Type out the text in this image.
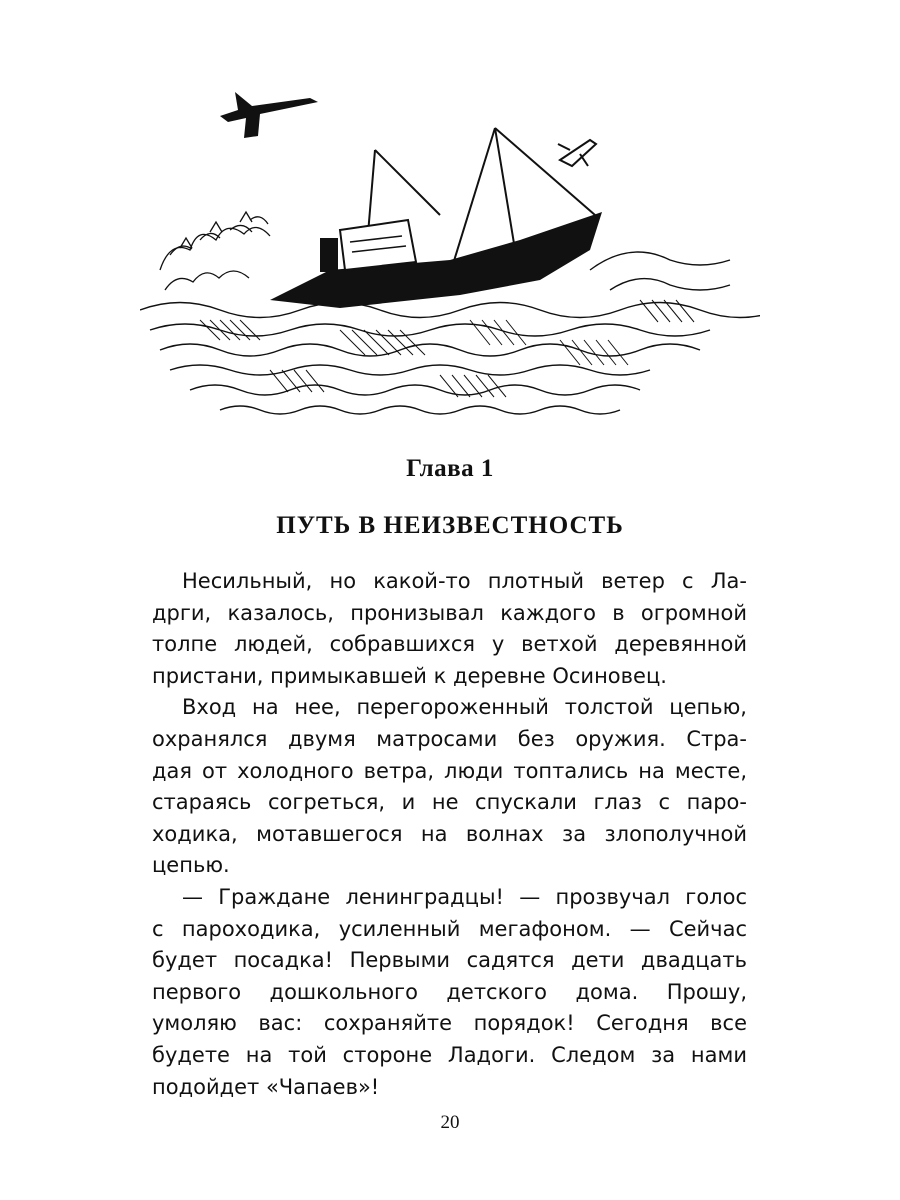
Глава 1
ПУТЬ В НЕИЗВЕСТНОСТЬ
Несильный, но какой-то плотный ветер с Ла-
дрги, казалось, пронизывал каждого в огромной
толпе людей, собравшихся у ветхой деревянной
пристани, примыкавшей к деревне Осиновец.
Вход на нее, перегороженный толстой цепью,
охранялся двумя матросами без оружия. Стра-
дая от холодного ветра, люди топтались на месте,
стараясь согреться, и не спускали глаз с паро-
ходика, мотавшегося на волнах за злополучной
цепью.
— Граждане ленинградцы! — прозвучал голос
с пароходика, усиленный мегафоном. — Сейчас
будет посадка! Первыми садятся дети двадцать
первого дошкольного детского дома. Прошу,
умоляю вас: сохраняйте порядок! Сегодня все
будете на той стороне Ладоги. Следом за нами
подойдет «Чапаев»!
20
